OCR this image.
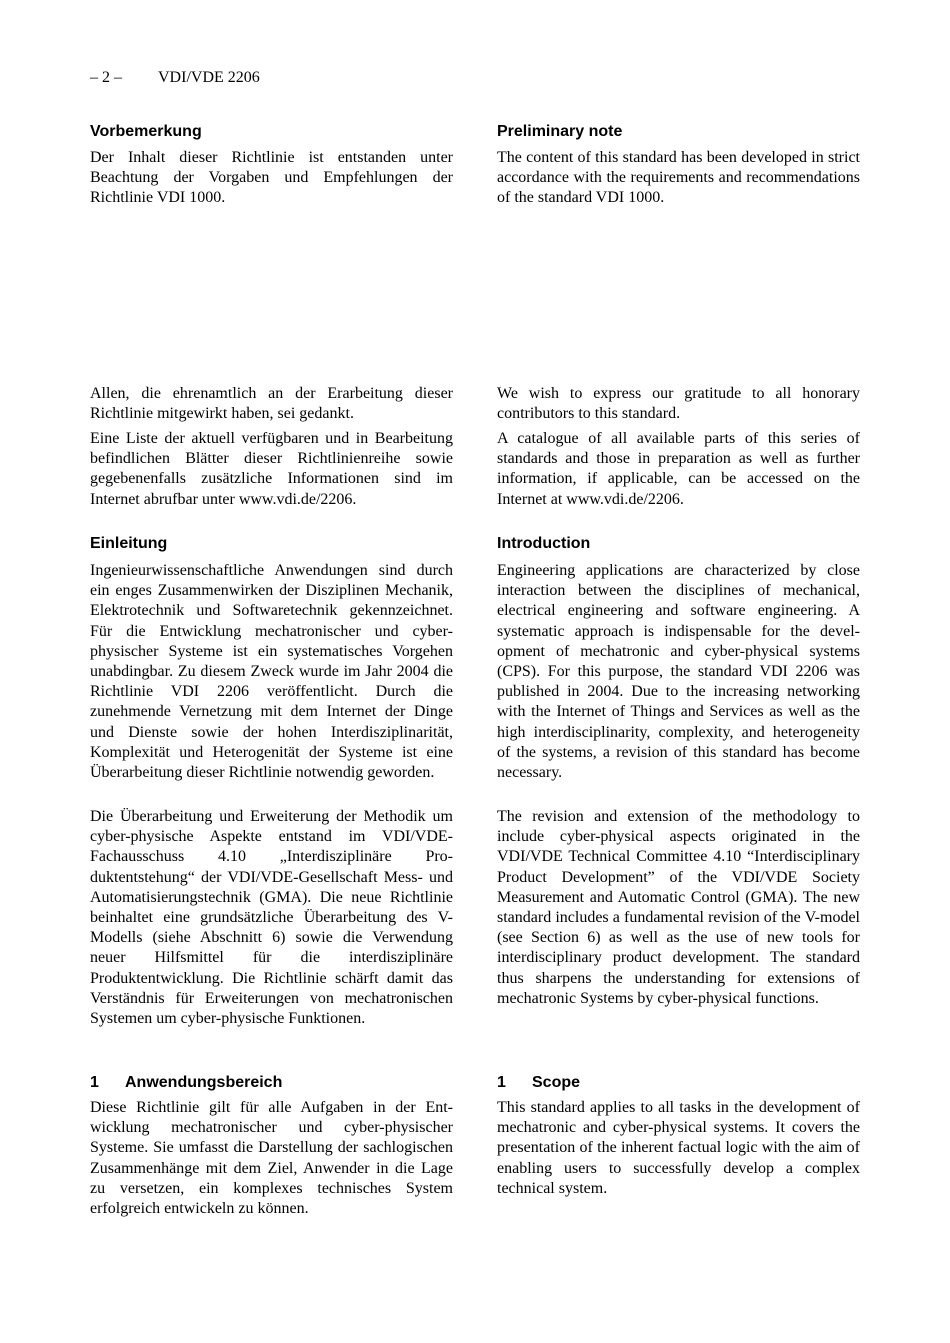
– 2 – VDI/VDE 2206
Vorbemerkung

Der Inhalt dieser Richtlinie ist entstanden unter Beachtung der Vorgaben und Empfehlungen der Richtlinie VDI 1000.

Allen, die ehrenamtlich an der Erarbeitung dieser Richtlinie mitgewirkt haben, sei gedankt.

Eine Liste der aktuell verfügbaren und in Bearbeitung befindlichen Blätter dieser Richtlinienreihe sowie gegebenenfalls zusätzliche Informationen sind im Internet abrufbar unter www.vdi.de/2206.

Einleitung

Ingenieurwissenschaftliche Anwendungen sind durch ein enges Zusammenwirken der Disziplinen Mechanik, Elektrotechnik und Softwaretechnik gekennzeichnet. Für die Entwicklung mechatronischer und cyber-physischer Systeme ist ein systematisches Vorgehen unabdingbar. Zu diesem Zweck wurde im Jahr 2004 die Richtlinie VDI 2206 veröffentlicht. Durch die zunehmende Vernetzung mit dem Internet der Dinge und Dienste sowie der hohen Interdisziplinarität, Komplexität und Heterogenität der Systeme ist eine Überarbeitung dieser Richtlinie notwendig geworden.

Die Überarbeitung und Erweiterung der Methodik um cyber-physische Aspekte entstand im VDI/​VDE-Fachausschuss 4.10 „Interdisziplinäre Produktentstehung“ der VDI/VDE-Gesellschaft Mess- und Automatisierungstechnik (GMA). Die neue Richtlinie beinhaltet eine grundsätzliche Überarbeitung des V-Modells (siehe Abschnitt 6) sowie die Verwendung neuer Hilfsmittel für die interdisziplinäre Produktentwicklung. Die Richtlinie schärft damit das Verständnis für Erweiterungen von mechatronischen Systemen um cyber-physische Funktionen.

1 Anwendungsbereich

Diese Richtlinie gilt für alle Aufgaben in der Entwicklung mechatronischer und cyber-physischer Systeme. Sie umfasst die Darstellung der sachlogischen Zusammenhänge mit dem Ziel, Anwender in die Lage zu versetzen, ein komplexes technisches System erfolgreich entwickeln zu können.

Preliminary note

The content of this standard has been developed in strict accordance with the requirements and recommendations of the standard VDI 1000.

We wish to express our gratitude to all honorary contributors to this standard.

A catalogue of all available parts of this series of standards and those in preparation as well as further information, if applicable, can be accessed on the Internet at www.vdi.de/2206.

Introduction

Engineering applications are characterized by close interaction between the disciplines of mechanical, electrical engineering and software engineering. A systematic approach is indispensable for the development of mechatronic and cyber-physical systems (CPS). For this purpose, the standard VDI 2206 was published in 2004. Due to the increasing networking with the Internet of Things and Services as well as the high interdisciplinarity, complexity, and heterogeneity of the systems, a revision of this standard has become necessary.

The revision and extension of the methodology to include cyber-physical aspects originated in the VDI/VDE Technical Committee 4.10 “Interdisciplinary Product Development” of the VDI/VDE Society Measurement and Automatic Control (GMA). The new standard includes a fundamental revision of the V-model (see Section 6) as well as the use of new tools for interdisciplinary product development. The standard thus sharpens the understanding for extensions of mechatronic Systems by cyber-physical functions.

1 Scope

This standard applies to all tasks in the development of mechatronic and cyber-physical systems. It covers the presentation of the inherent factual logic with the aim of enabling users to successfully develop a complex technical system.
